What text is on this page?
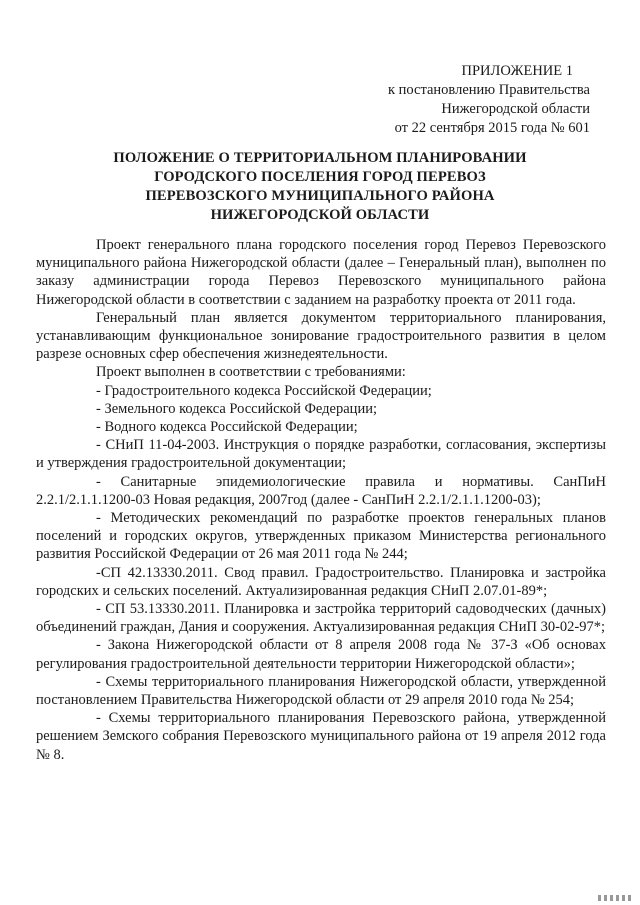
ПРИЛОЖЕНИЕ 1
к постановлению Правительства
Нижегородской области
от 22 сентября 2015 года № 601
ПОЛОЖЕНИЕ О ТЕРРИТОРИАЛЬНОМ ПЛАНИРОВАНИИ
ГОРОДСКОГО ПОСЕЛЕНИЯ ГОРОД ПЕРЕВОЗ
ПЕРЕВОЗСКОГО МУНИЦИПАЛЬНОГО РАЙОНА
НИЖЕГОРОДСКОЙ ОБЛАСТИ

Проект генерального плана городского поселения город Перевоз Перевозского муниципального района Нижегородской области (далее – Генеральный план), выполнен по заказу администрации города Перевоз Перевозского муниципального района Нижегородской области в соответствии с заданием на разработку проекта от 2011 года.

Генеральный план является документом территориального планирования, устанавливающим функциональное зонирование градостроительного развития в целом разрезе основных сфер обеспечения жизнедеятельности.

Проект выполнен в соответствии с требованиями:

- Градостроительного кодекса Российской Федерации;

- Земельного кодекса Российской Федерации;

- Водного кодекса Российской Федерации;

- СНиП 11-04-2003. Инструкция о порядке разработки, согласования, экспертизы и утверждения градостроительной документации;

- Санитарные эпидемиологические правила и нормативы. СанПиН 2.2.1/2.1.1.1200-03 Новая редакция, 2007год (далее - СанПиН 2.2.1/2.1.1.1200-03);

- Методических рекомендаций по разработке проектов генеральных планов поселений и городских округов, утвержденных приказом Министерства регионального развития Российской Федерации от 26 мая 2011 года № 244;

-СП 42.13330.2011. Свод правил. Градостроительство. Планировка и застройка городских и сельских поселений. Актуализированная редакция СНиП 2.07.01-89*;

- СП 53.13330.2011. Планировка и застройка территорий садоводческих (дачных) объединений граждан, Дания и сооружения. Актуализированная редакция СНиП 30-02-97*;

- Закона Нижегородской области от 8 апреля 2008 года № 37-З «Об основах регулирования градостроительной деятельности территории Нижегородской области»;

- Схемы территориального планирования Нижегородской области, утвержденной постановлением Правительства Нижегородской области от 29 апреля 2010 года № 254;

- Схемы территориального планирования Перевозского района, утвержденной решением Земского собрания Перевозского муниципального района от 19 апреля 2012 года № 8.
